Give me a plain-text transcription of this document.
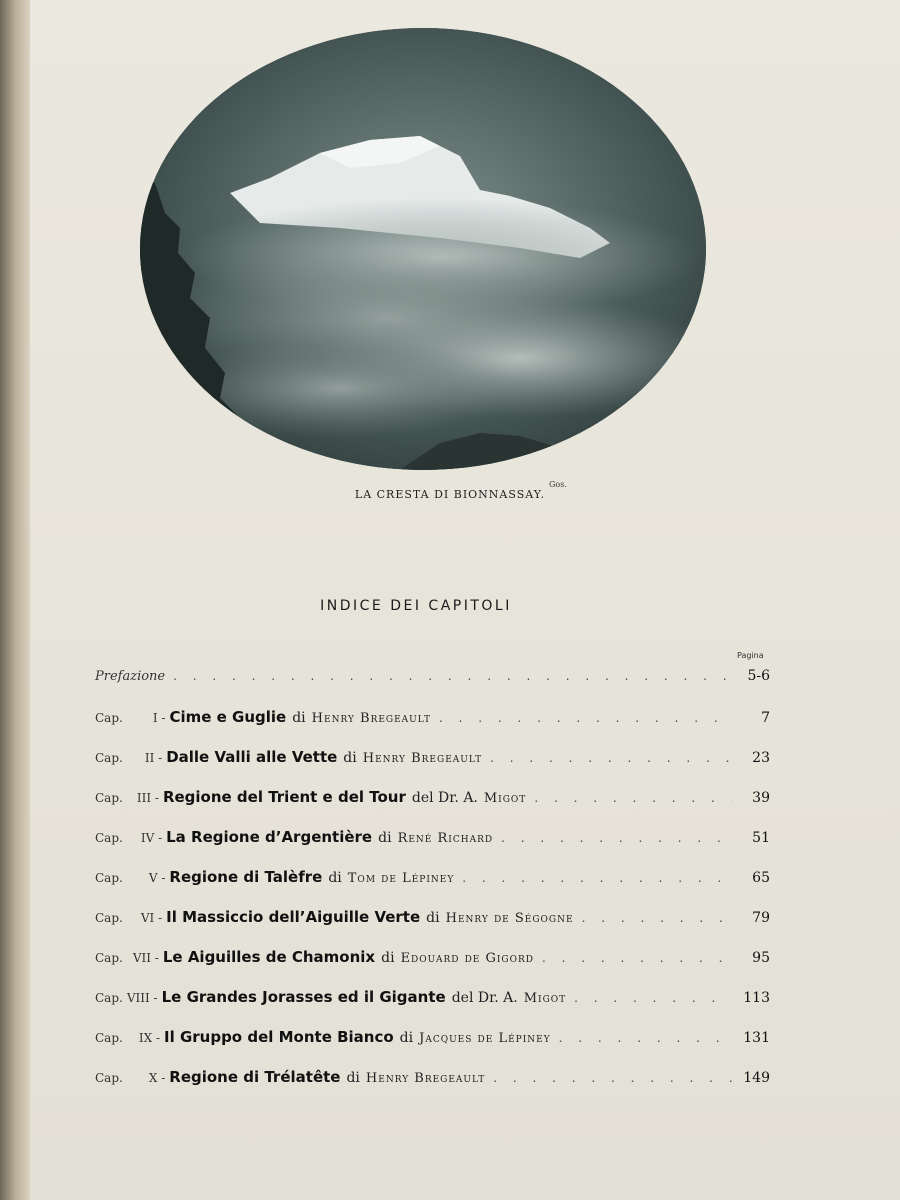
Gos.
LA CRESTA DI BIONNASSAY.
INDICE DEI CAPITOLI
Pagina
Prefazione . . .	5-6
Cap.	I - Cime e Guglie di Henry Bregeault . . .	7
Cap. II - Dalle Valli alle Vette di Henry Bregeault . . .	23
Cap. III - Regione del Trient e del Tour del Dr. A. Migot . . .	39
Cap. IV - La Regione d’Argentière di René Richard . . .	51
Cap. V - Regione di Talèfre di Tom de Lépiney . . .	65
Cap. VI - Il Massiccio dell’Aiguille Verte di Henry de Ségogne . . .	79
Cap. VII - Le Aiguilles de Chamonix di Edouard de Gigord . . .	95
Cap. VIII - Le Grandes Jorasses ed il Gigante del Dr. A. Migot . . .	113
Cap. IX - Il Gruppo del Monte Bianco di Jacques de Lépiney . . .	131
Cap. X - Regione di Trélatête di Henry Bregeault . . .	149
